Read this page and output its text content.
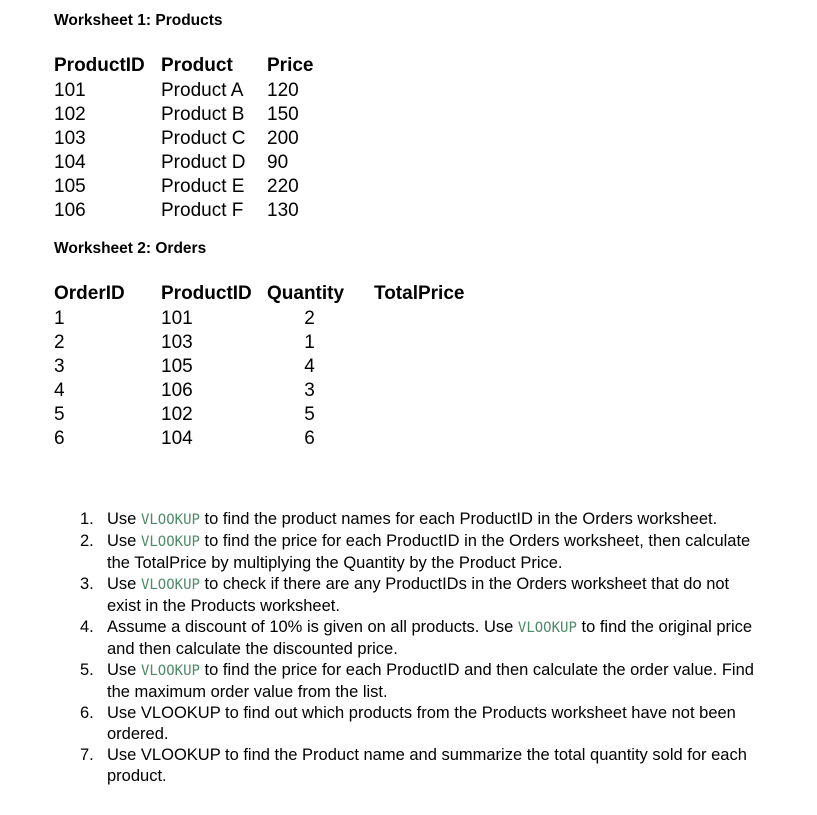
Worksheet 1: Products
ProductID Product Price
101	Product A 120
102	Product B 150
103	Product C 200
104	Product D 90
105	Product E 220
106	Product F 130
Worksheet 2: Orders
OrderID ProductID Quantity TotalPrice
1	101	2
2	103	1
3	105	4
4	106	3
5	102	5
6	104	6
1. Use VLOOKUP to find the product names for each ProductID in the Orders worksheet.
2. Use VLOOKUP to find the price for each ProductID in the Orders worksheet, then calculate the TotalPrice by multiplying the Quantity by the Product Price.
3. Use VLOOKUP to check if there are any ProductIDs in the Orders worksheet that do not exist in the Products worksheet.
4. Assume a discount of 10% is given on all products. Use VLOOKUP to find the original price and then calculate the discounted price.
5. Use VLOOKUP to find the price for each ProductID and then calculate the order value. Find the maximum order value from the list.
6. Use VLOOKUP to find out which products from the Products worksheet have not been ordered.
7. Use VLOOKUP to find the Product name and summarize the total quantity sold for each product.
